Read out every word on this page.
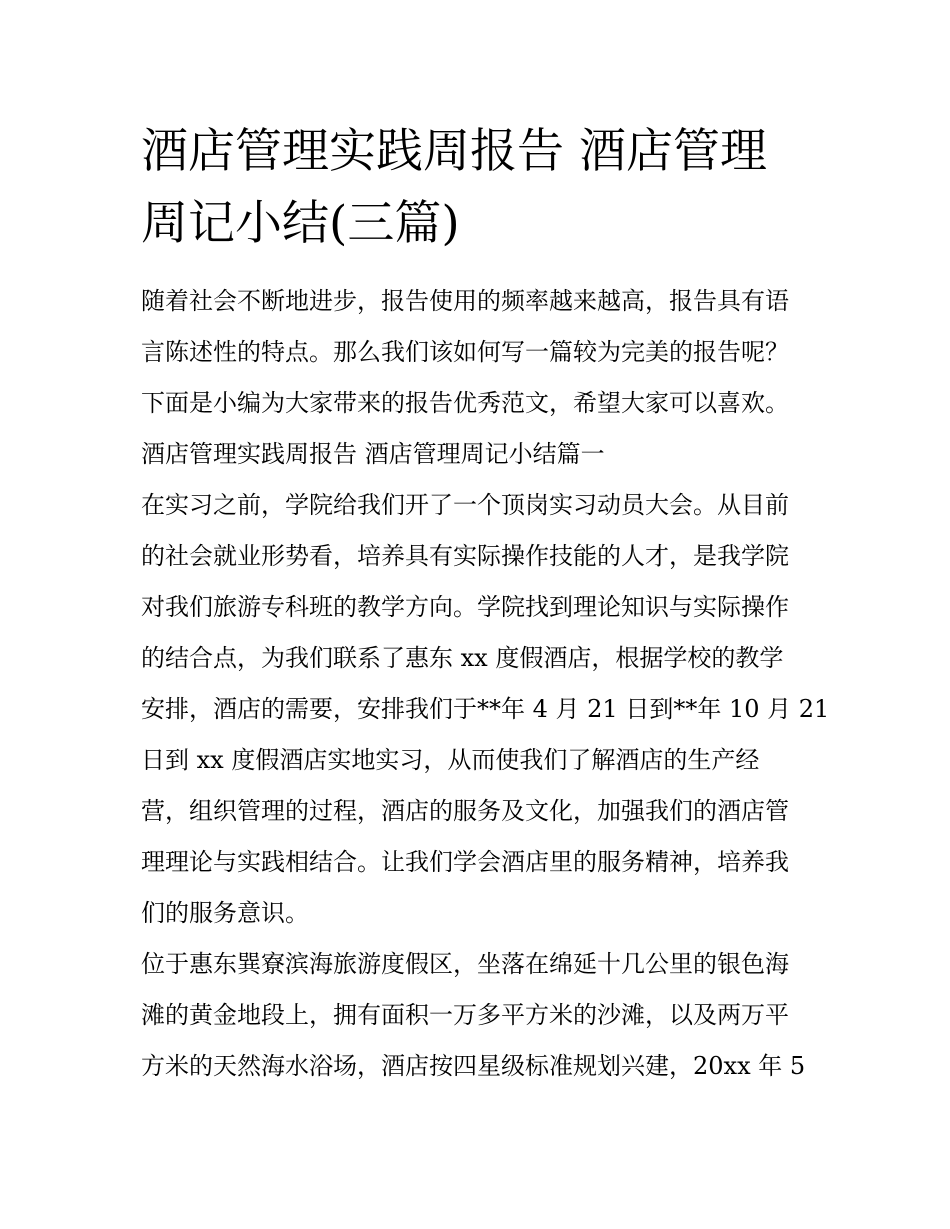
酒店管理实践周报告 酒店管理
周记小结(三篇)

随着社会不断地进步，报告使用的频率越来越高，报告具有语

言陈述性的特点。那么我们该如何写一篇较为完美的报告呢？

下面是小编为大家带来的报告优秀范文，希望大家可以喜欢。

酒店管理实践周报告 酒店管理周记小结篇一

在实习之前，学院给我们开了一个顶岗实习动员大会。从目前

的社会就业形势看，培养具有实际操作技能的人才，是我学院

对我们旅游专科班的教学方向。学院找到理论知识与实际操作

的结合点，为我们联系了惠东 xx 度假酒店，根据学校的教学

安排，酒店的需要，安排我们于**年 4 月 21 日到**年 10 月 21

日到 xx 度假酒店实地实习，从而使我们了解酒店的生产经

营，组织管理的过程，酒店的服务及文化，加强我们的酒店管

理理论与实践相结合。让我们学会酒店里的服务精神，培养我

们的服务意识。

位于惠东巽寮滨海旅游度假区，坐落在绵延十几公里的银色海

滩的黄金地段上，拥有面积一万多平方米的沙滩，以及两万平

方米的天然海水浴场，酒店按四星级标准规划兴建，20xx 年 5
